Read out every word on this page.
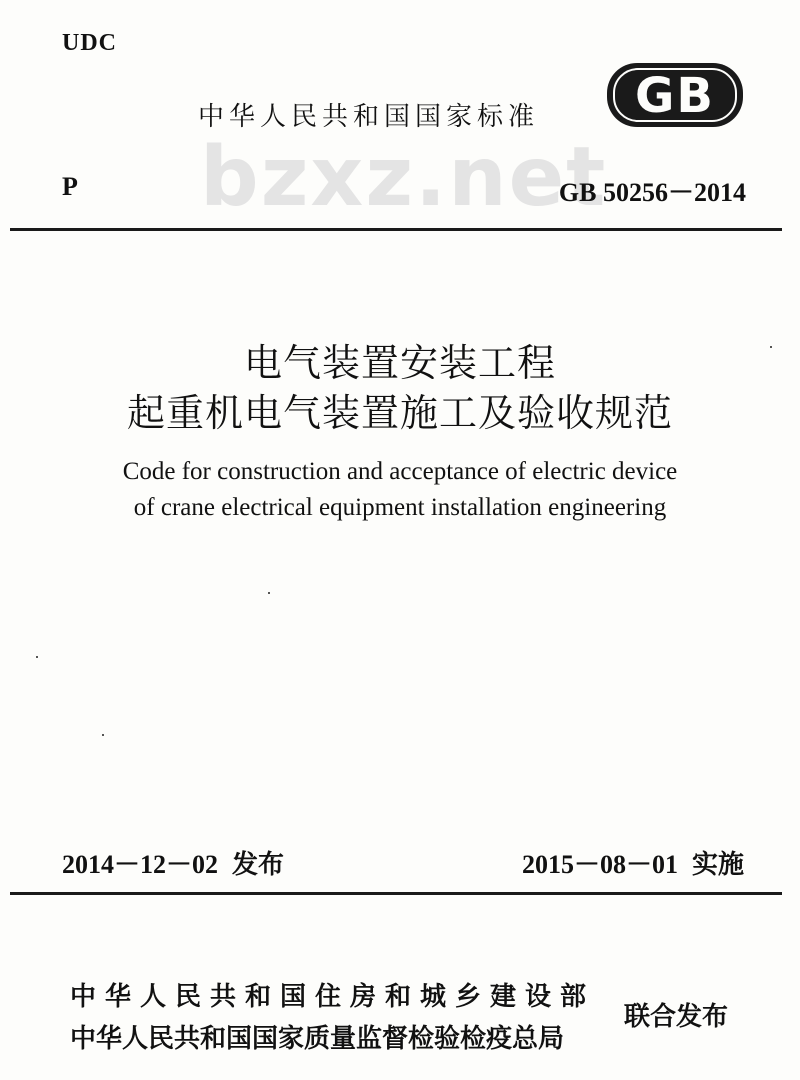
UDC
GB
中华人民共和国国家标准
bzxz.net
P	GB 50256－2014
电气装置安装工程
起重机电气装置施工及验收规范
Code for construction and acceptance of electric device
of crane electrical equipment installation engineering
2014－12－02 发布	2015－08－01 实施
中华人民共和国住房和城乡建设部
中华人民共和国国家质量监督检验检疫总局
联合发布
